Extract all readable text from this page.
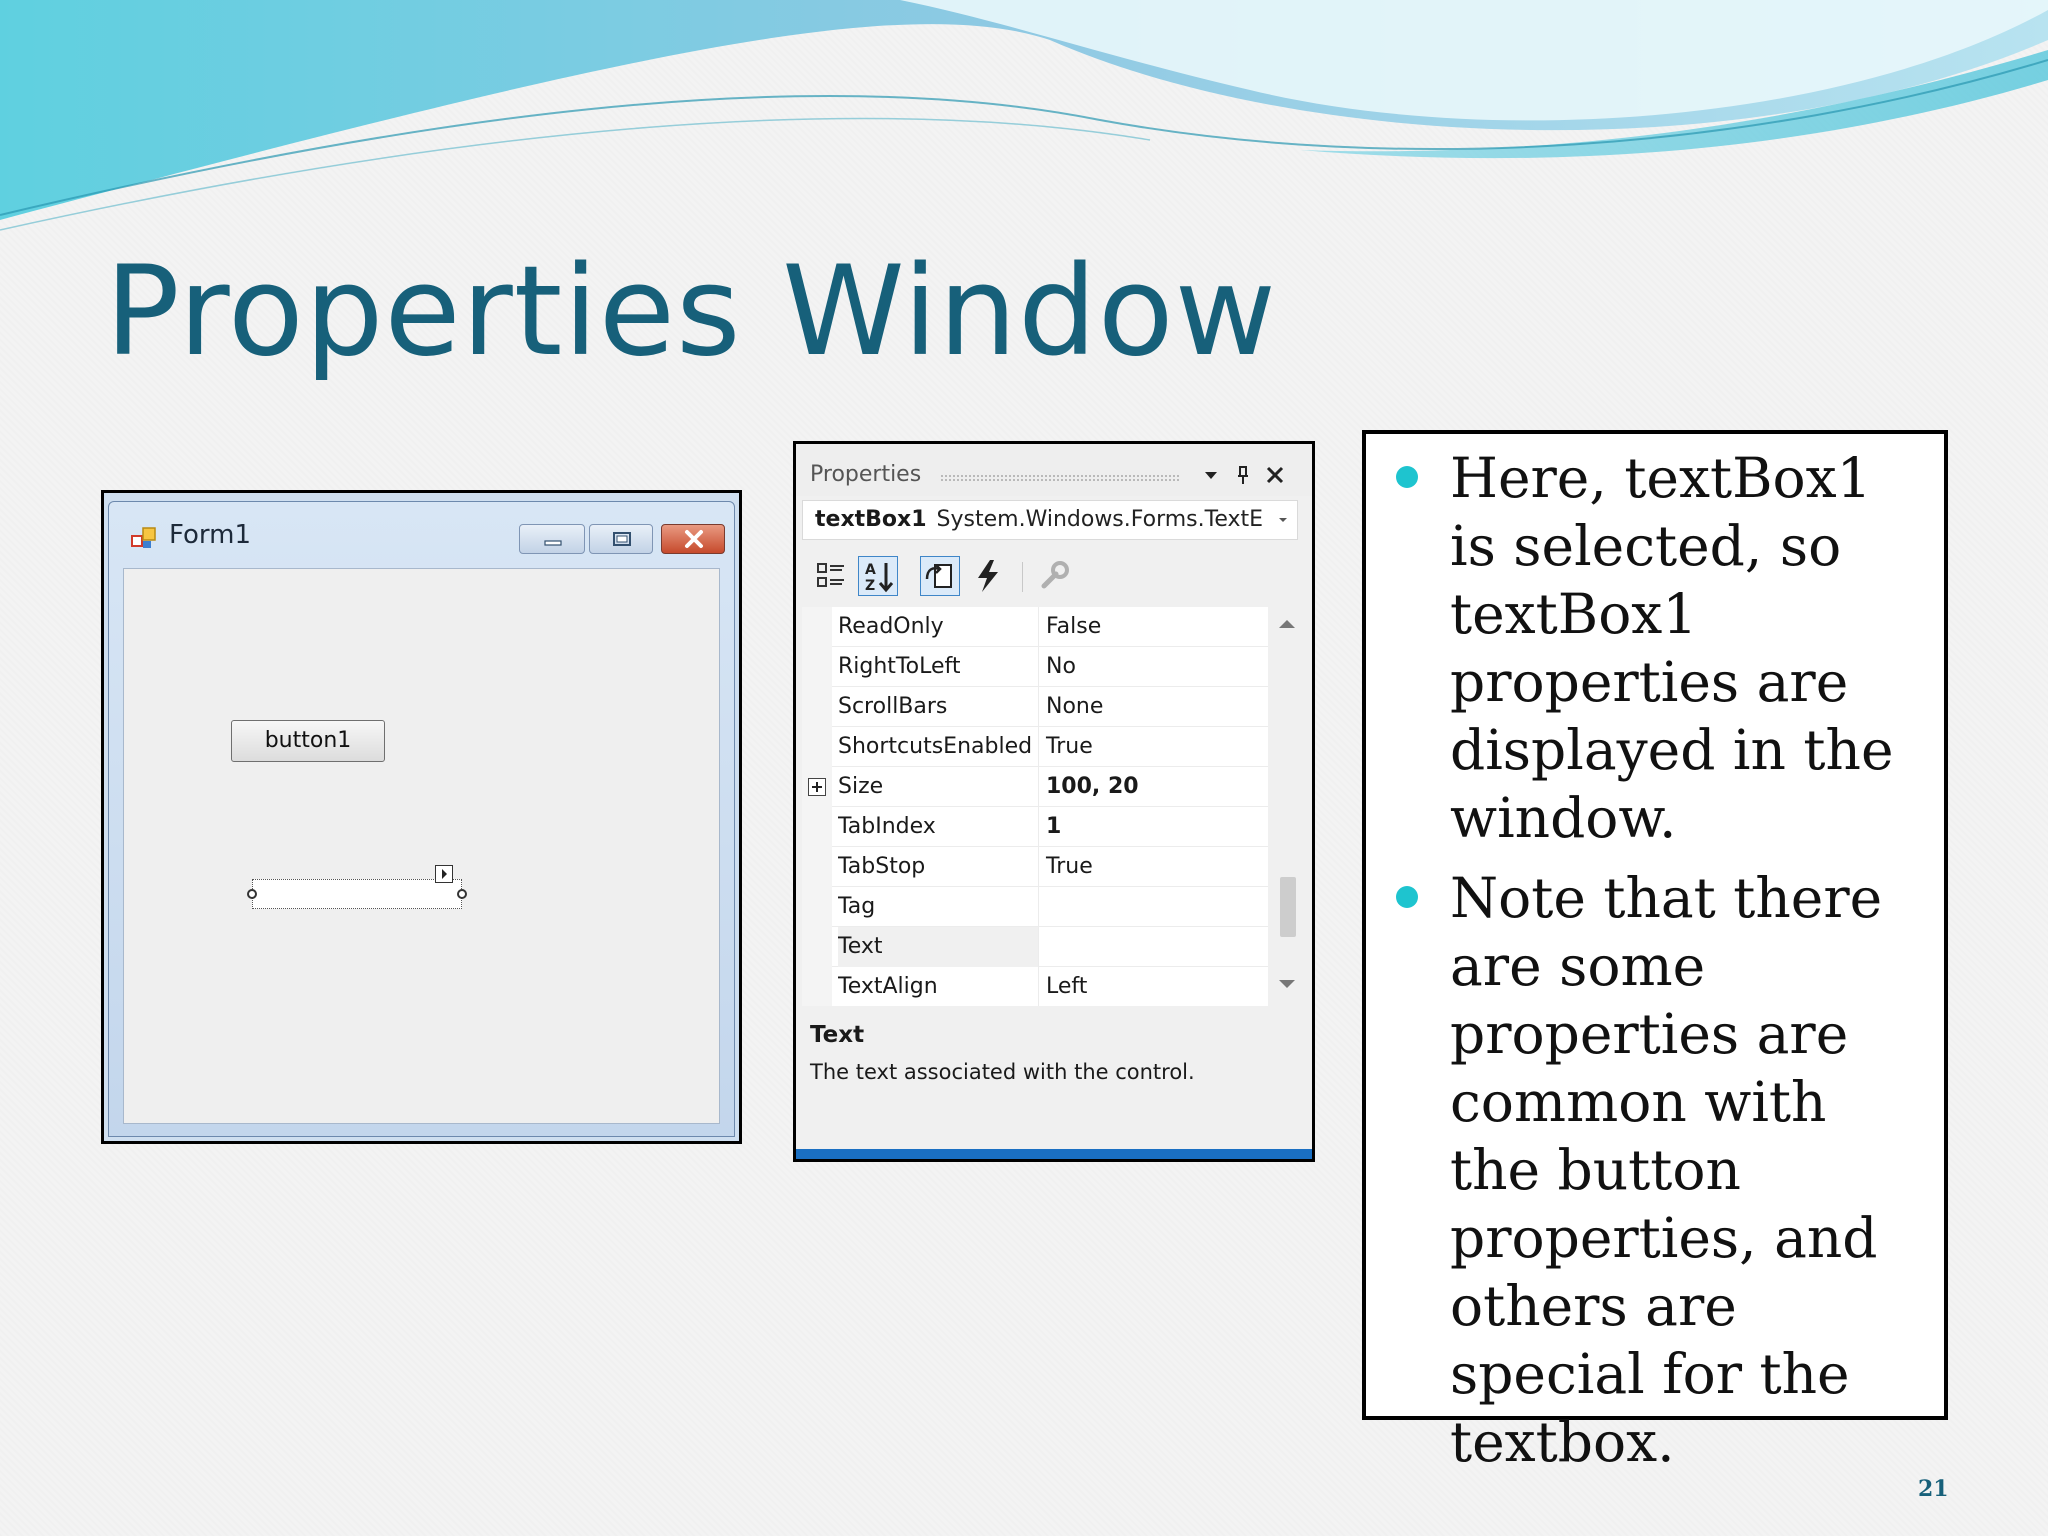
Properties Window
Form1
button1
Properties
textBox1 System.Windows.Forms.TextE
A
Z
ReadOnly	False
RightToLeft	No
ScrollBars	None
ShortcutsEnabled True
Size	100, 20
TabIndex	1
TabStop	True
Tag
Text
TextAlign	Left
Text
The text associated with the control.
Here, textBox1 is selected, so textBox1 properties are displayed in the window.
Note that there are some properties are common with the button properties, and others are special for the textbox.
21
